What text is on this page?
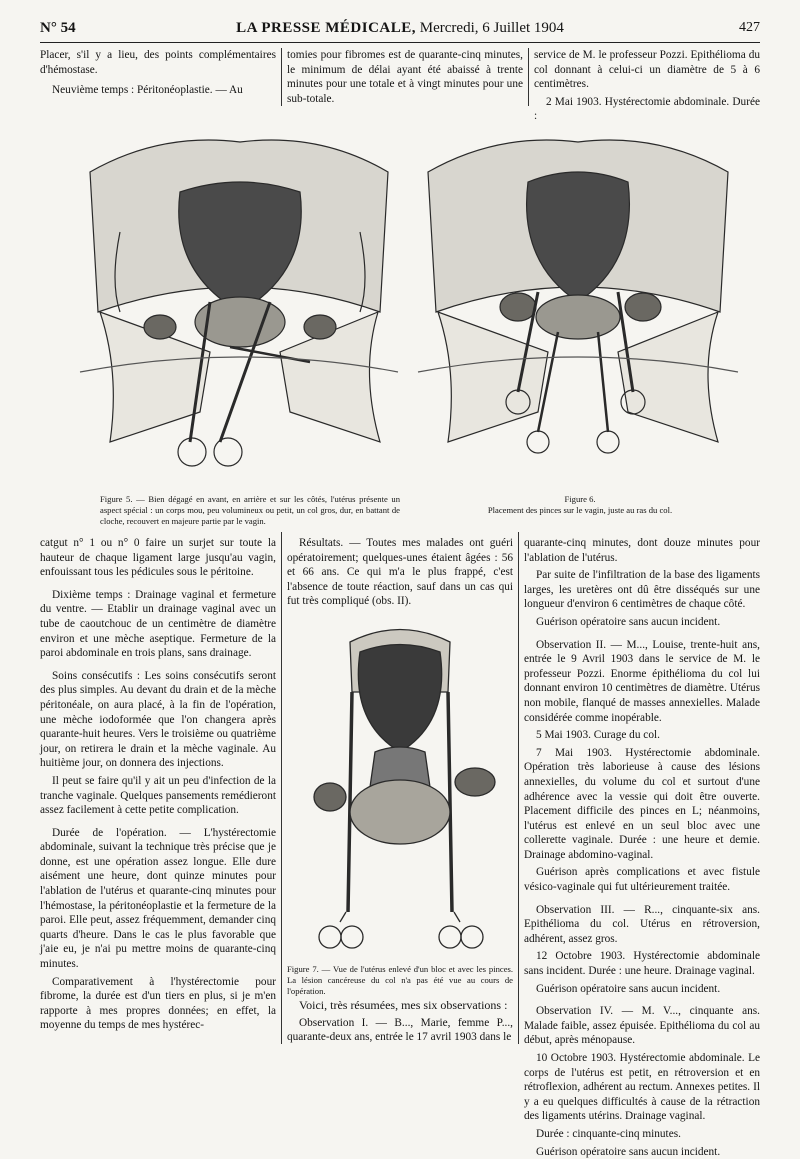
N° 54	LA PRESSE MÉDICALE, Mercredi, 6 Juillet 1904	427

Placer, s'il y a lieu, des points complémentaires d'hémostase.

Neuvième temps : Péritonéoplastie. — Au

tomies pour fibromes est de quarante-cinq minutes, le minimum de délai ayant été abaissé à trente minutes pour une totale et à vingt minutes pour une sub-totale.

service de M. le professeur Pozzi. Epithélioma du col donnant à celui-ci un diamètre de 5 à 6 centimètres.

2 Mai 1903. Hystérectomie abdominale. Durée :

Figure 5. — Bien dégagé en avant, en arrière et sur les côtés, l'utérus présente un aspect spécial : un corps mou, peu volumineux ou petit, un col gros, dur, en battant de cloche, recouvert en majeure partie par le vagin.
Figure 6.
Placement des pinces sur le vagin, juste au ras du col.

catgut n° 1 ou n° 0 faire un surjet sur toute la hauteur de chaque ligament large jusqu'au vagin, enfouissant tous les pédicules sous le péritoine.

Dixième temps : Drainage vaginal et fermeture du ventre. — Etablir un drainage vaginal avec un tube de caoutchouc de un centimètre de diamètre environ et une mèche aseptique. Fermeture de la paroi abdominale en trois plans, sans drainage.

Soins consécutifs : Les soins consécutifs seront des plus simples. Au devant du drain et de la mèche péritonéale, on aura placé, à la fin de l'opération, une mèche iodoformée que l'on changera après quarante-huit heures. Vers le troisième ou quatrième jour, on retirera le drain et la mèche vaginale. Au huitième jour, on donnera des injections.

Il peut se faire qu'il y ait un peu d'infection de la tranche vaginale. Quelques pansements remédieront assez facilement à cette petite complication.

Durée de l'opération. — L'hystérectomie abdominale, suivant la technique très précise que je donne, est une opération assez longue. Elle dure aisément une heure, dont quinze minutes pour l'ablation de l'utérus et quarante-cinq minutes pour l'hémostase, la péritonéoplastie et la fermeture de la paroi. Elle peut, assez fréquemment, demander cinq quarts d'heure. Dans le cas le plus favorable que j'aie eu, je n'ai pu mettre moins de quarante-cinq minutes.

Comparativement à l'hystérectomie pour fibrome, la durée est d'un tiers en plus, si je m'en rapporte à mes propres données; en effet, la moyenne du temps de mes hystérec-

Résultats. — Toutes mes malades ont guéri opératoirement; quelques-unes étaient âgées : 56 et 66 ans. Ce qui m'a le plus frappé, c'est l'absence de toute réaction, sauf dans un cas qui fut très compliqué (obs. II).

Figure 7. — Vue de l'utérus enlevé d'un bloc et avec les pinces. La lésion cancéreuse du col n'a pas été vue au cours de l'opération.

Voici, très résumées, mes six observations :

Observation I. — B..., Marie, femme P..., quarante-deux ans, entrée le 17 avril 1903 dans le

quarante-cinq minutes, dont douze minutes pour l'ablation de l'utérus.

Par suite de l'infiltration de la base des ligaments larges, les uretères ont dû être disséqués sur une longueur d'environ 6 centimètres de chaque côté.

Guérison opératoire sans aucun incident.

Observation II. — M..., Louise, trente-huit ans, entrée le 9 Avril 1903 dans le service de M. le professeur Pozzi. Enorme épithélioma du col lui donnant environ 10 centimètres de diamètre. Utérus non mobile, flanqué de masses annexielles. Malade considérée comme inopérable.

5 Mai 1903. Curage du col.

7 Mai 1903. Hystérectomie abdominale. Opération très laborieuse à cause des lésions annexielles, du volume du col et surtout d'une adhérence avec la vessie qui doit être ouverte. Placement difficile des pinces en L; néanmoins, l'utérus est enlevé en un seul bloc avec une collerette vaginale. Durée : une heure et demie. Drainage abdomino-vaginal.

Guérison après complications et avec fistule vésico-vaginale qui fut ultérieurement traitée.

Observation III. — R..., cinquante-six ans. Epithélioma du col. Utérus en rétroversion, adhérent, assez gros.

12 Octobre 1903. Hystérectomie abdominale sans incident. Durée : une heure. Drainage vaginal.

Guérison opératoire sans aucun incident.

Observation IV. — M. V..., cinquante ans. Malade faible, assez épuisée. Epithélioma du col au début, après ménopause.

10 Octobre 1903. Hystérectomie abdominale. Le corps de l'utérus est petit, en rétroversion et en rétroflexion, adhérent au rectum. Annexes petites. Il y a eu quelques difficultés à cause de la rétraction des ligaments utérins. Drainage vaginal.

Durée : cinquante-cinq minutes.

Guérison opératoire sans aucun incident.
